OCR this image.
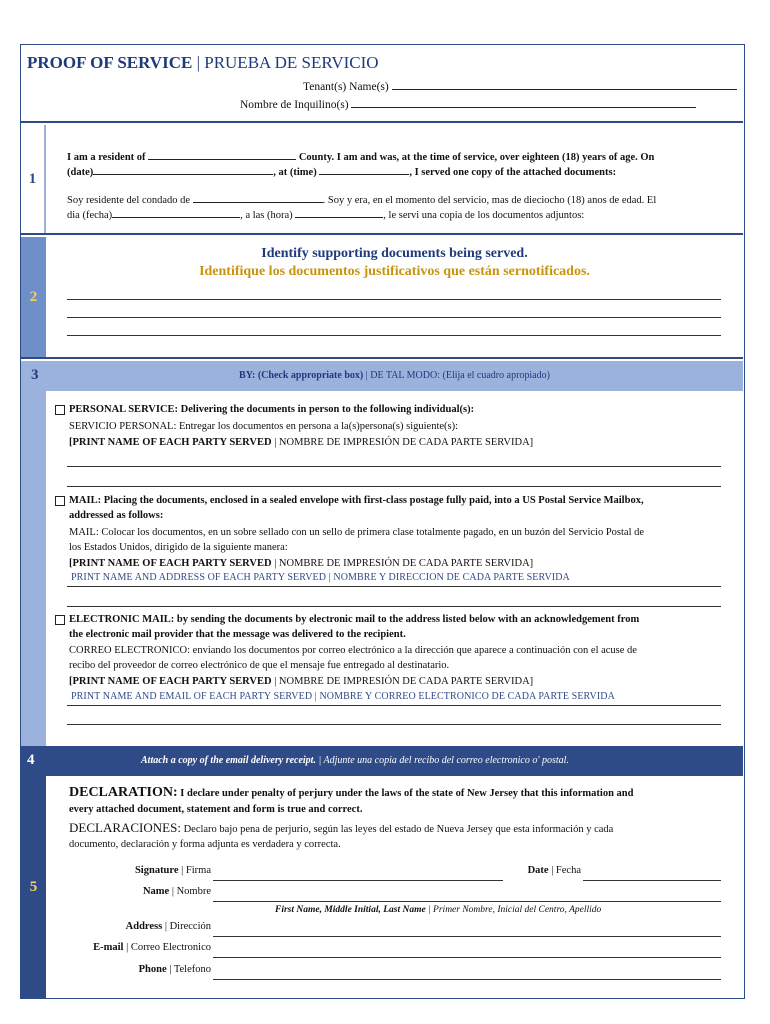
PROOF OF SERVICE | PRUEBA DE SERVICIO
Tenant(s) Name(s)
Nombre de Inquilino(s)
1
I am a resident of	County. I am and was, at the time of service, over eighteen (18) years of age. On
(date)	, at (time)	, I served one copy of the attached documents:
Soy residente del condado de	. Soy y era, en el momento del servicio, mas de dieciocho (18) anos de edad. El
dia (fecha)	, a las (hora)	, le servi una copia de los documentos adjuntos:
2
Identify supporting documents being served.
Identifique los documentos justificativos que están sernotificados.
3	BY: (Check appropriate box) | DE TAL MODO: (Elija el cuadro apropiado)
PERSONAL SERVICE: Delivering the documents in person to the following individual(s):
SERVICIO PERSONAL: Entregar los documentos en persona a la(s)persona(s) siguiente(s):
[PRINT NAME OF EACH PARTY SERVED | NOMBRE DE IMPRESIÓN DE CADA PARTE SERVIDA]
MAIL: Placing the documents, enclosed in a sealed envelope with first-class postage fully paid, into a US Postal Service Mailbox,
addressed as follows:
MAIL: Colocar los documentos, en un sobre sellado con un sello de primera clase totalmente pagado, en un buzón del Servicio Postal de
los Estados Unidos, dirigido de la siguiente manera:
[PRINT NAME OF EACH PARTY SERVED | NOMBRE DE IMPRESIÓN DE CADA PARTE SERVIDA]
PRINT NAME AND ADDRESS OF EACH PARTY SERVED | NOMBRE Y DIRECCION DE CADA PARTE SERVIDA
ELECTRONIC MAIL: by sending the documents by electronic mail to the address listed below with an acknowledgement from
the electronic mail provider that the message was delivered to the recipient.
CORREO ELECTRONICO: enviando los documentos por correo electrónico a la dirección que aparece a continuación con el acuse de
recibo del proveedor de correo electrónico de que el mensaje fue entregado al destinatario.
[PRINT NAME OF EACH PARTY SERVED | NOMBRE DE IMPRESIÓN DE CADA PARTE SERVIDA]
PRINT NAME AND EMAIL OF EACH PARTY SERVED | NOMBRE Y CORREO ELECTRONICO DE CADA PARTE SERVIDA
4	Attach a copy of the email delivery receipt. | Adjunte una copia del recibo del correo electronico o' postal.
5
DECLARATION: I declare under penalty of perjury under the laws of the state of New Jersey that this information and
every attached document, statement and form is true and correct.
DECLARACIONES: Declaro bajo pena de perjurio, según las leyes del estado de Nueva Jersey que esta información y cada
documento, declaración y forma adjunta es verdadera y correcta.
Signature | Firma	Date | Fecha
Name | Nombre
First Name, Middle Initial, Last Name | Primer Nombre, Inicial del Centro, Apellido
Address | Dirección
E-mail | Correo Electronico
Phone | Telefono
